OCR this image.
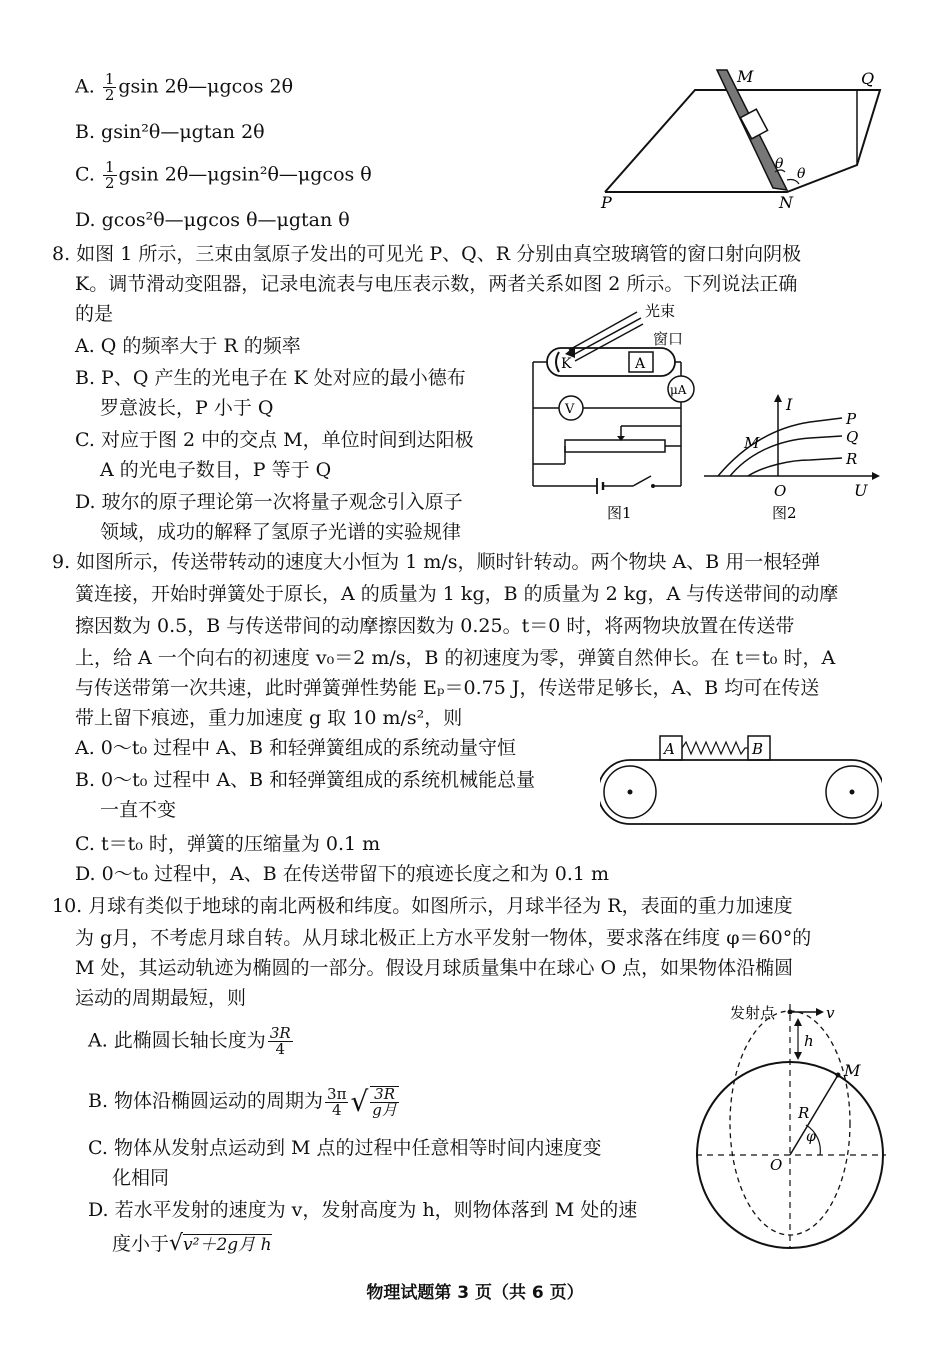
A. $\frac{1}{2}$ gsin 2θ—μgcos 2θ
B. gsin²θ—μgtan 2θ
C. $\frac{1}{2}$ gsin 2θ—μgsin²θ—μgcos θ
D. gcos²θ—μgcos θ—μgtan θ
M	Q
P	N
θ
θ
8. 如图 1 所示，三束由氢原子发出的可见光 P、Q、R 分别由真空玻璃管的窗口射向阴极
K。调节滑动变阻器，记录电流表与电压表示数，两者关系如图 2 所示。下列说法正确
的是
A. Q 的频率大于 R 的频率
B. P、Q 产生的光电子在 K 处对应的最小德布
罗意波长，P 小于 Q
C. 对应于图 2 中的交点 M，单位时间到达阳极
A 的光电子数目，P 等于 Q
D. 玻尔的原子理论第一次将量子观念引入原子
领域，成功的解释了氢原子光谱的实验规律
K	A
光束
窗口
μA
V
图1
I
U
O
M
P
Q
R
图2
9. 如图所示，传送带转动的速度大小恒为 1 m/s，顺时针转动。两个物块 A、B 用一根轻弹
簧连接，开始时弹簧处于原长，A 的质量为 1 kg，B 的质量为 2 kg，A 与传送带间的动摩
擦因数为 0.5，B 与传送带间的动摩擦因数为 0.25。t＝0 时，将两物块放置在传送带
上，给 A 一个向右的初速度 v₀＝2 m/s，B 的初速度为零，弹簧自然伸长。在 t＝t₀ 时，A
与传送带第一次共速，此时弹簧弹性势能 Eₚ＝0.75 J，传送带足够长，A、B 均可在传送
带上留下痕迹，重力加速度 g 取 10 m/s²，则
A. 0～t₀ 过程中 A、B 和轻弹簧组成的系统动量守恒
B. 0～t₀ 过程中 A、B 和轻弹簧组成的系统机械能总量
一直不变
C. t＝t₀ 时，弹簧的压缩量为 0.1 m
D. 0～t₀ 过程中，A、B 在传送带留下的痕迹长度之和为 0.1 m
A	B
10. 月球有类似于地球的南北两极和纬度。如图所示，月球半径为 R，表面的重力加速度
为 g月，不考虑月球自转。从月球北极正上方水平发射一物体，要求落在纬度 φ＝60°的
M 处，其运动轨迹为椭圆的一部分。假设月球质量集中在球心 O 点，如果物体沿椭圆
运动的周期最短，则
A. 此椭圆长轴长度为 $\frac{3R}{4}$
B. 物体沿椭圆运动的周期为 $\frac{3\pi}{4}$ √ $\frac{3R}{\text{g月}}$
C. 物体从发射点运动到 M 点的过程中任意相等时间内速度变
化相同
D. 若水平发射的速度为 v，发射高度为 h，则物体落到 M 处的速
度小于√v²＋2g月 h
发射点	v
h
M
R
φ
O
物理试题第 3 页（共 6 页）
